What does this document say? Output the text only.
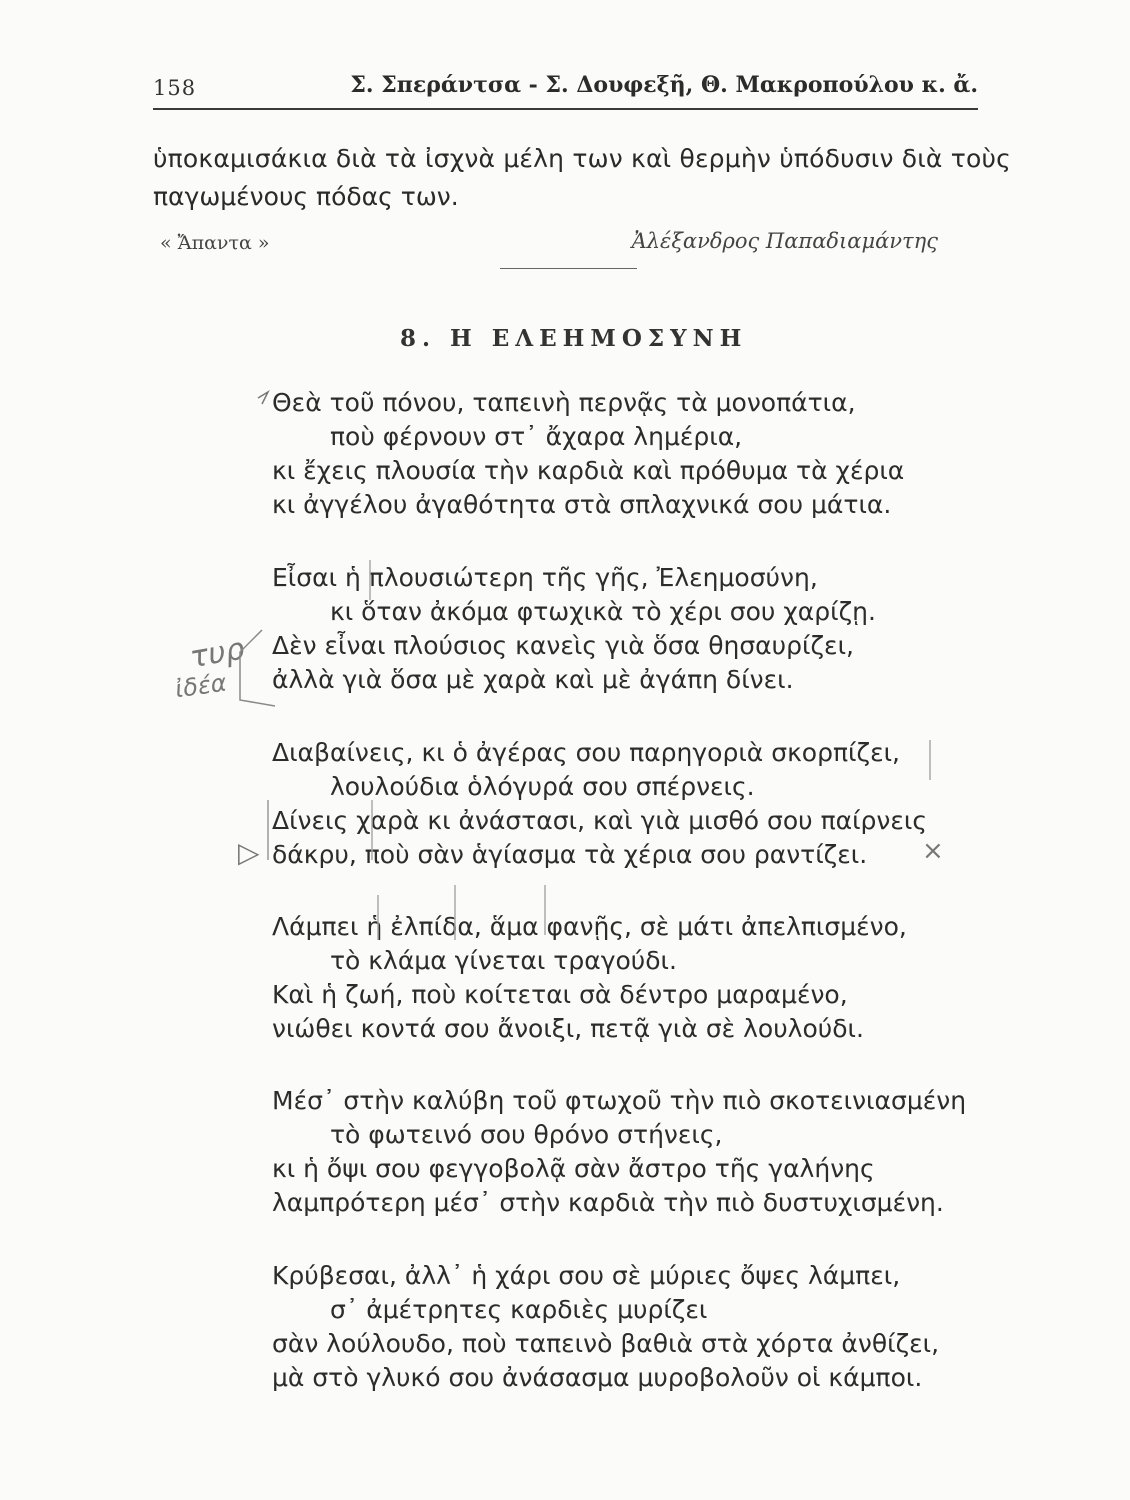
158	Σ. Σπεράντσα - Σ. Δουφεξῆ, Θ. Μακροπούλου κ. ἄ.
ὑποκαμισάκια διὰ τὰ ἰσχνὰ μέλη των καὶ θερμὴν ὑπόδυσιν διὰ τοὺς
παγωμένους πόδας των.
« Ἄπαντα »	Ἀλέξανδρος Παπαδιαμάντης
8. Η ΕΛΕΗΜΟΣΥΝΗ
Θεὰ τοῦ πόνου, ταπεινὴ περνᾷς τὰ μονοπάτια,
ποὺ φέρνουν στ᾽ ἄχαρα λημέρια,
κι ἔχεις πλουσία τὴν καρδιὰ καὶ πρόθυμα τὰ χέρια
κι ἀγγέλου ἀγαθότητα στὰ σπλαχνικά σου μάτια.
Εἶσαι ἡ πλουσιώτερη τῆς γῆς, Ἐλεημοσύνη,
κι ὅταν ἀκόμα φτωχικὰ τὸ χέρι σου χαρίζῃ.
Δὲν εἶναι πλούσιος κανεὶς γιὰ ὅσα θησαυρίζει,
ἀλλὰ γιὰ ὅσα μὲ χαρὰ καὶ μὲ ἀγάπη δίνει.
Διαβαίνεις, κι ὁ ἀγέρας σου παρηγοριὰ σκορπίζει,
λουλούδια ὁλόγυρά σου σπέρνεις.
Δίνεις χαρὰ κι ἀνάστασι, καὶ γιὰ μισθό σου παίρνεις
δάκρυ, ποὺ σὰν ἁγίασμα τὰ χέρια σου ραντίζει.
Λάμπει ἡ ἐλπίδα, ἅμα φανῇς, σὲ μάτι ἀπελπισμένο,
τὸ κλάμα γίνεται τραγούδι.
Καὶ ἡ ζωή, ποὺ κοίτεται σὰ δέντρο μαραμένο,
νιώθει κοντά σου ἄνοιξι, πετᾷ γιὰ σὲ λουλούδι.
Μέσ᾽ στὴν καλύβη τοῦ φτωχοῦ τὴν πιὸ σκοτεινιασμένη
τὸ φωτεινό σου θρόνο στήνεις,
κι ἡ ὄψι σου φεγγοβολᾷ σὰν ἄστρο τῆς γαλήνης
λαμπρότερη μέσ᾽ στὴν καρδιὰ τὴν πιὸ δυστυχισμένη.
Κρύβεσαι, ἀλλ᾽ ἡ χάρι σου σὲ μύριες ὄψες λάμπει,
σ᾽ ἀμέτρητες καρδιὲς μυρίζει
σὰν λούλουδο, ποὺ ταπεινὸ βαθιὰ στὰ χόρτα ἀνθίζει,
μὰ στὸ γλυκό σου ἀνάσασμα μυροβολοῦν οἱ κάμποι.
τυρ
ἰδέα
×
▷
